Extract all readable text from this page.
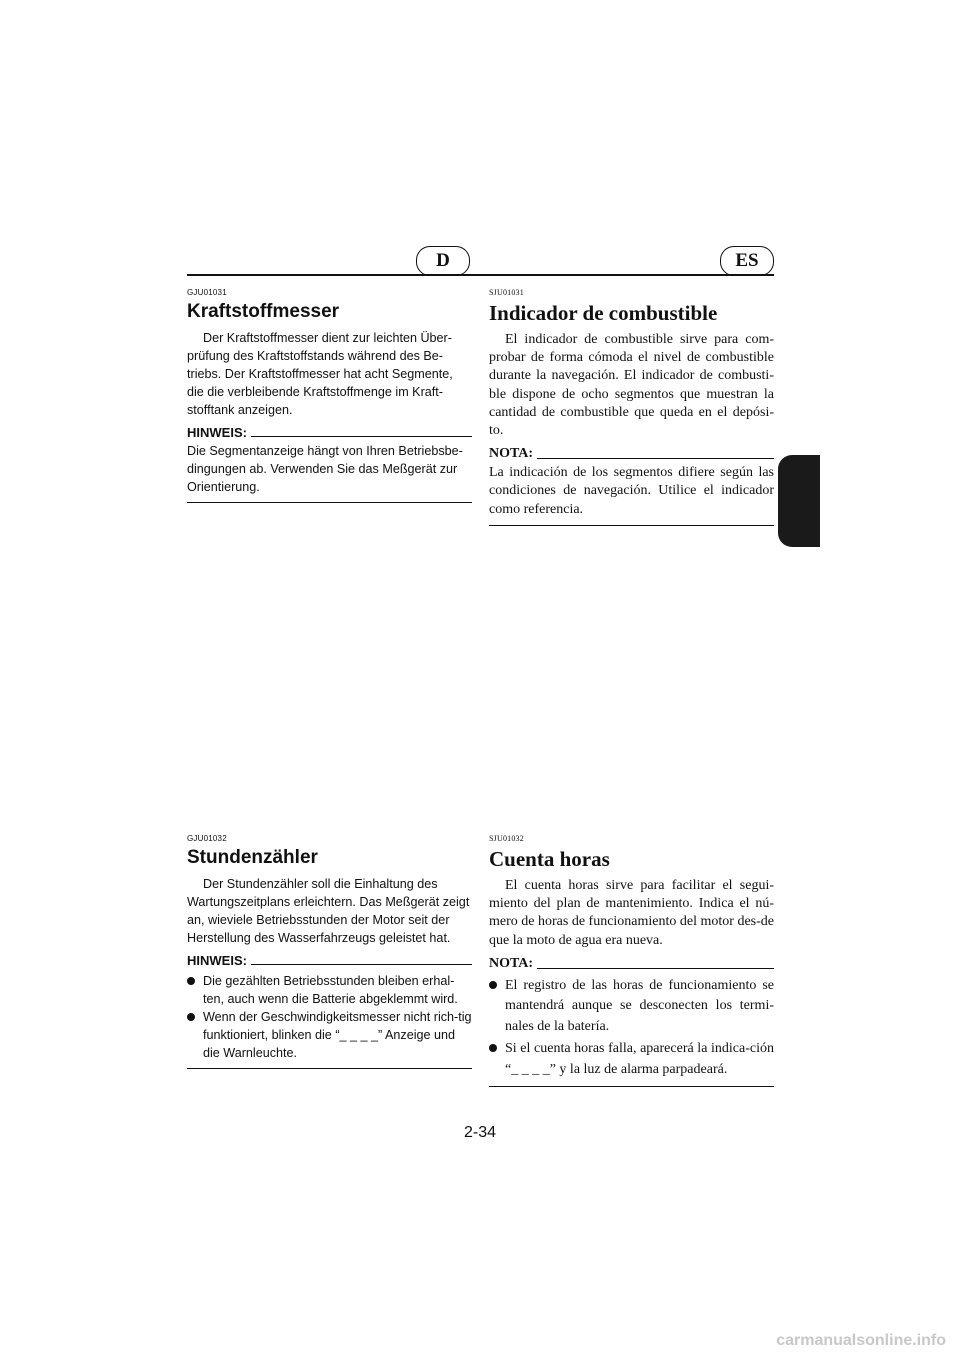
D	ES

GJU01031

Kraftstoffmesser

Der Kraftstoffmesser dient zur leichten Über-prüfung des Kraftstoffstands während des Be-triebs. Der Kraftstoffmesser hat acht Segmente, die die verbleibende Kraftstoffmenge im Kraft-stofftank anzeigen.

HINWEIS:

Die Segmentanzeige hängt von Ihren Betriebsbe-dingungen ab. Verwenden Sie das Meßgerät zur Orientierung.

SJU01031

Indicador de combustible

El indicador de combustible sirve para com-probar de forma cómoda el nivel de combustible durante la navegación. El indicador de combusti-ble dispone de ocho segmentos que muestran la cantidad de combustible que queda en el depósi-to.

NOTA:

La indicación de los segmentos difiere según las condiciones de navegación. Utilice el indicador como referencia.

GJU01032

Stundenzähler

Der Stundenzähler soll die Einhaltung des Wartungszeitplans erleichtern. Das Meßgerät zeigt an, wieviele Betriebsstunden der Motor seit der Herstellung des Wasserfahrzeugs geleistet hat.

HINWEIS:
Die gezählten Betriebsstunden bleiben erhal-ten, auch wenn die Batterie abgeklemmt wird.
Wenn der Geschwindigkeitsmesser nicht rich-tig funktioniert, blinken die “_ _ _ _” Anzeige und die Warnleuchte.

SJU01032

Cuenta horas

El cuenta horas sirve para facilitar el segui-miento del plan de mantenimiento. Indica el nú-mero de horas de funcionamiento del motor des-de que la moto de agua era nueva.

NOTA:
El registro de las horas de funcionamiento se mantendrá aunque se desconecten los termi-nales de la batería.
Si el cuenta horas falla, aparecerá la indica-ción “_ _ _ _” y la luz de alarma parpadeará.
2-34
carmanualsonline.info
